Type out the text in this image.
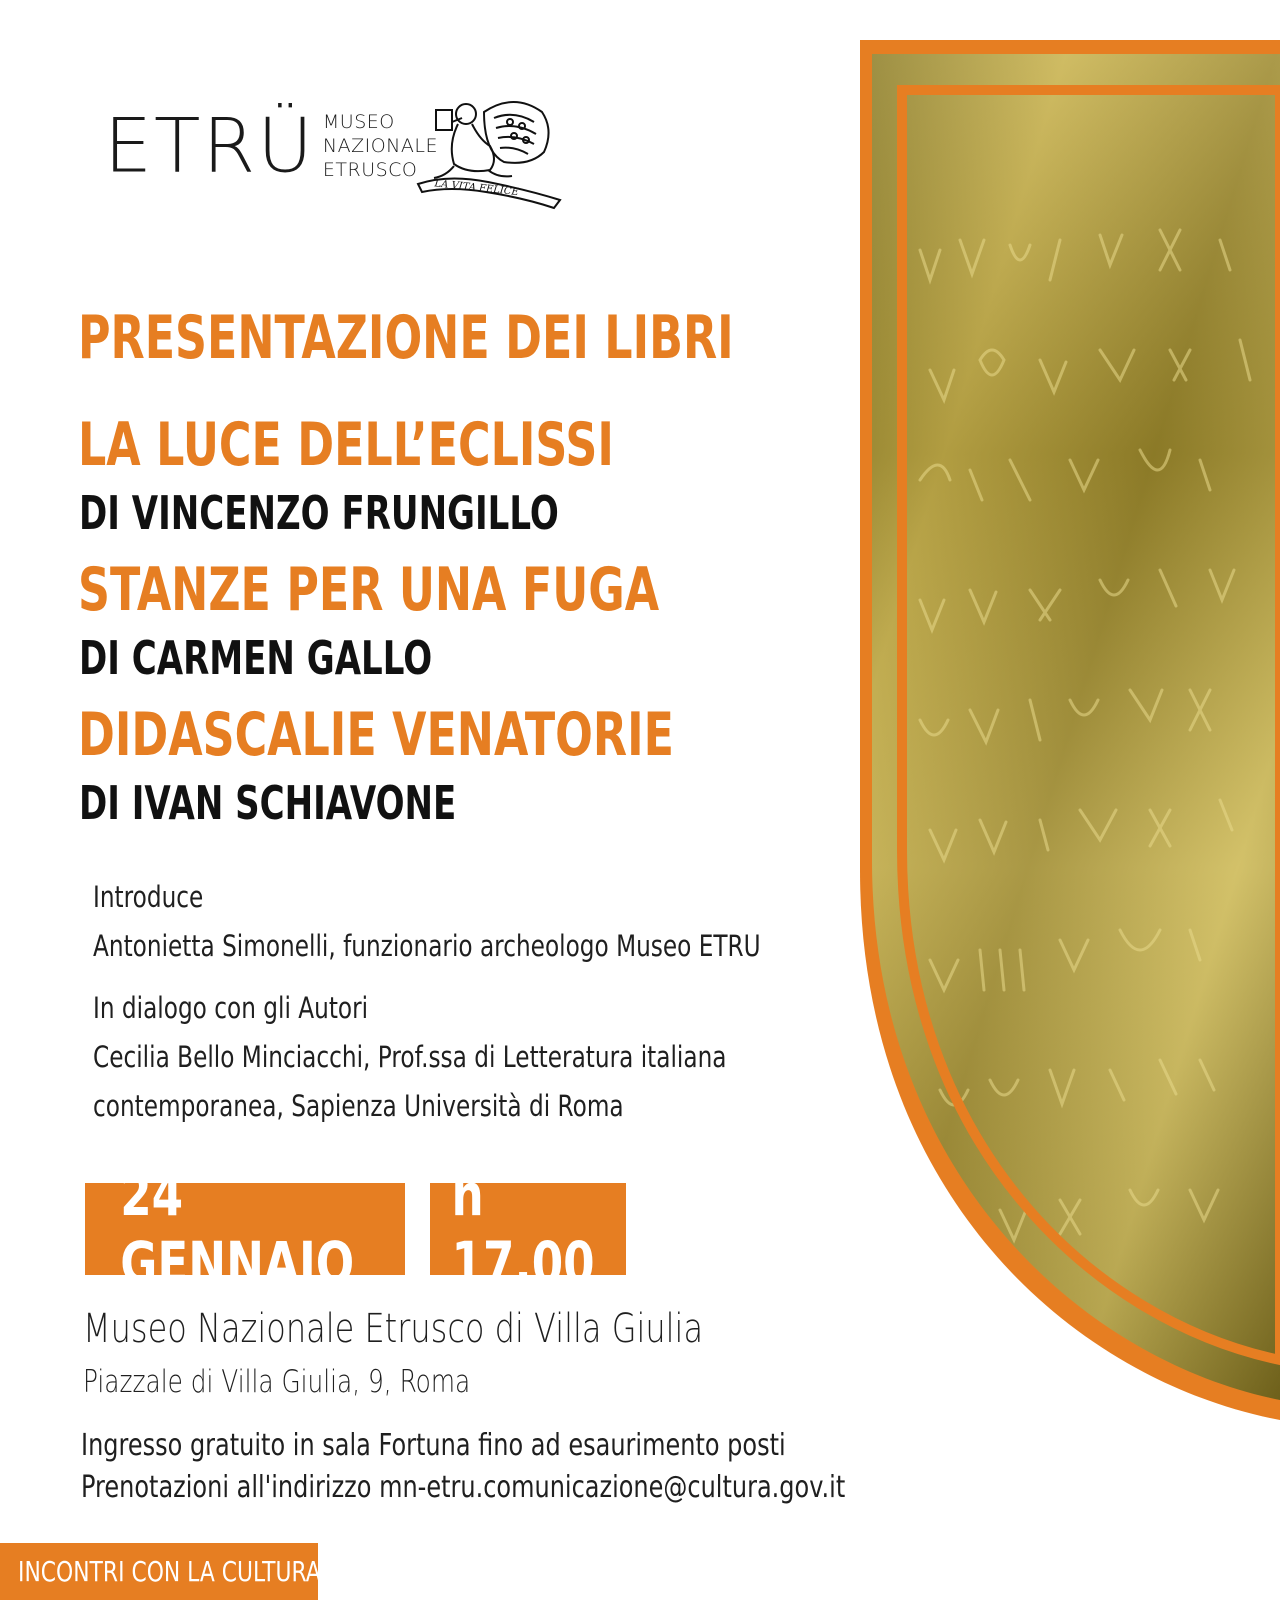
ETRÜ MUSEO
NAZIONALE
ETRUSCO
LA VITA FELICE
PRESENTAZIONE DEI LIBRI
LA LUCE DELL’ECLISSI
DI VINCENZO FRUNGILLO
STANZE PER UNA FUGA
DI CARMEN GALLO
DIDASCALIE VENATORIE
DI IVAN SCHIAVONE
Introduce
Antonietta Simonelli, funzionario archeologo Museo ETRU
In dialogo con gli Autori
Cecilia Bello Minciacchi, Prof.ssa di Letteratura italiana
contemporanea, Sapienza Università di Roma
24 GENNAIO
h 17.00
Museo Nazionale Etrusco di Villa Giulia
Piazzale di Villa Giulia, 9, Roma
Ingresso gratuito in sala Fortuna fino ad esaurimento posti
Prenotazioni all'indirizzo mn-etru.comunicazione@cultura.gov.it
INCONTRI CON LA CULTURA
